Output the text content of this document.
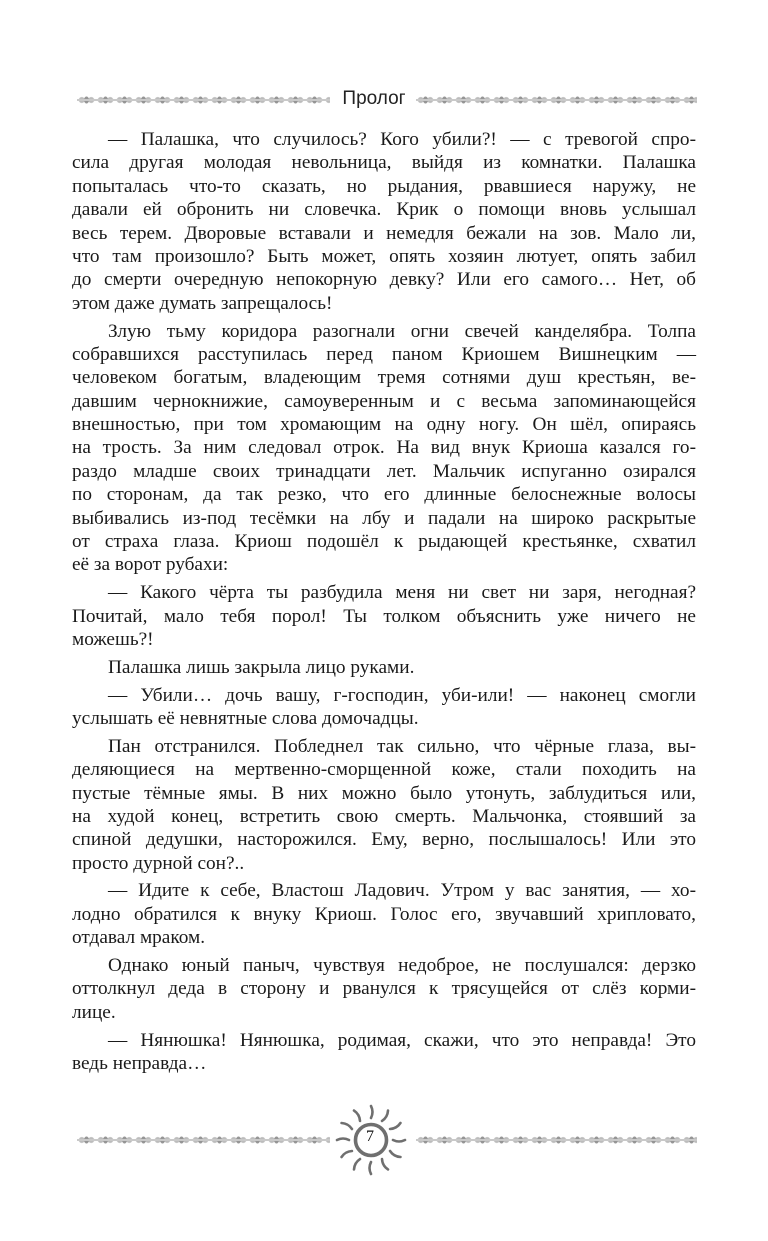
Пролог
— Палашка, что случилось? Кого убили?! — с тревогой спро-
сила другая молодая невольница, выйдя из комнатки. Палашка
попыталась что-то сказать, но рыдания, рвавшиеся наружу, не
давали ей обронить ни словечка. Крик о помощи вновь услышал
весь терем. Дворовые вставали и немедля бежали на зов. Мало ли,
что там произошло? Быть может, опять хозяин лютует, опять забил
до смерти очередную непокорную девку? Или его самого… Нет, об
этом даже думать запрещалось!
Злую тьму коридора разогнали огни свечей канделябра. Толпа
собравшихся расступилась перед паном Криошем Вишнецким —
человеком богатым, владеющим тремя сотнями душ крестьян, ве-
давшим чернокнижие, самоуверенным и с весьма запоминающейся
внешностью, при том хромающим на одну ногу. Он шёл, опираясь
на трость. За ним следовал отрок. На вид внук Криоша казался го-
раздо младше своих тринадцати лет. Мальчик испуганно озирался
по сторонам, да так резко, что его длинные белоснежные волосы
выбивались из-под тесёмки на лбу и падали на широко раскрытые
от страха глаза. Криош подошёл к рыдающей крестьянке, схватил
её за ворот рубахи:
— Какого чёрта ты разбудила меня ни свет ни заря, негодная?
Почитай, мало тебя порол! Ты толком объяснить уже ничего не
можешь?!
Палашка лишь закрыла лицо руками.
— Убили… дочь вашу, г-господин, уби-или! — наконец смогли
услышать её невнятные слова домочадцы.
Пан отстранился. Побледнел так сильно, что чёрные глаза, вы-
деляющиеся на мертвенно-сморщенной коже, стали походить на
пустые тёмные ямы. В них можно было утонуть, заблудиться или,
на худой конец, встретить свою смерть. Мальчонка, стоявший за
спиной дедушки, насторожился. Ему, верно, послышалось! Или это
просто дурной сон?..
— Идите к себе, Властош Ладович. Утром у вас занятия, — хо-
лодно обратился к внуку Криош. Голос его, звучавший хрипловато,
отдавал мраком.
Однако юный паныч, чувствуя недоброе, не послушался: дерзко
оттолкнул деда в сторону и рванулся к трясущейся от слёз корми-
лице.
— Нянюшка! Нянюшка, родимая, скажи, что это неправда! Это
ведь неправда…
7
